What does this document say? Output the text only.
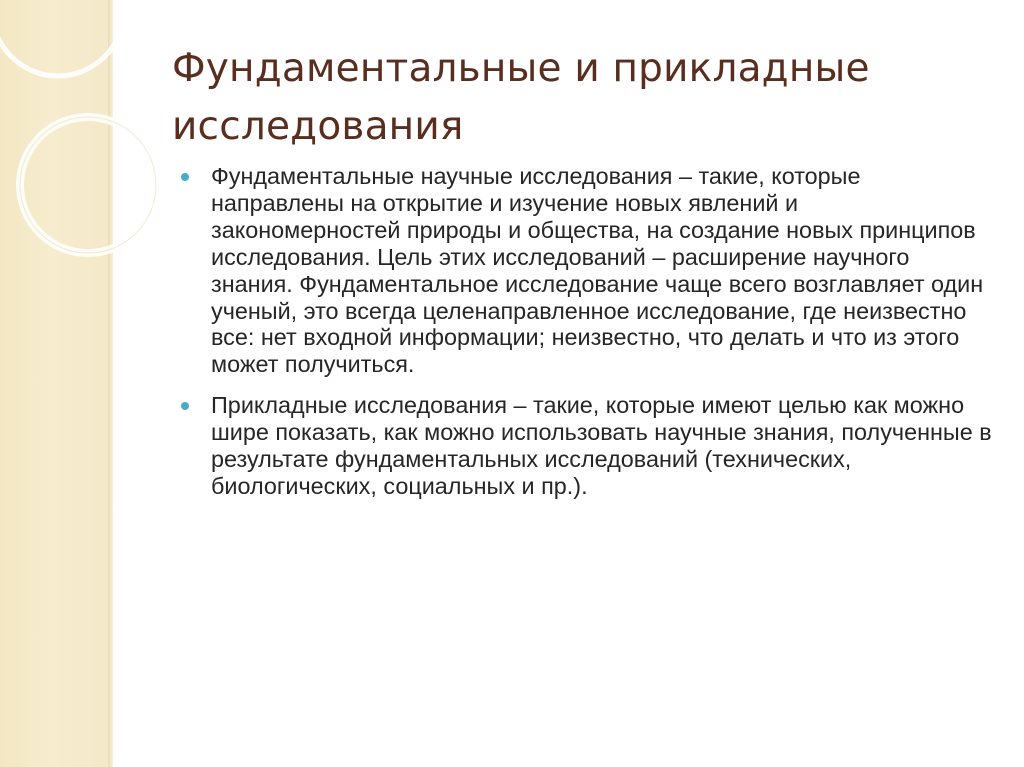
Фундаментальные и прикладные исследования
Фундаментальные научные исследования – такие, которые направлены на открытие и изучение новых явлений и закономерностей природы и общества, на создание новых принципов исследования. Цель этих исследований – расширение научного знания. Фундаментальное исследование чаще всего возглавляет один ученый, это всегда целенаправленное исследование, где неизвестно все: нет входной информации; неизвестно, что делать и что из этого может получиться.
Прикладные исследования – такие, которые имеют целью как можно шире показать, как можно использовать научные знания, полученные в результате фундаментальных исследований (технических, биологических, социальных и пр.).
